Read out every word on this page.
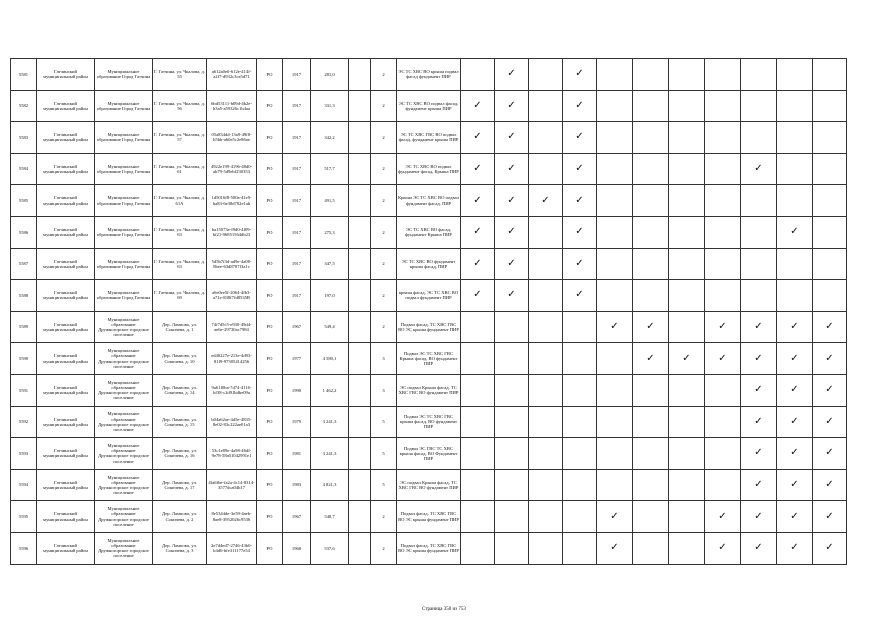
5581	Гатчинский муниципальный район	Муниципальное образование Город Гатчина	Г. Гатчина, ул. Чкалова, д. 55	a612a0e0-612e-414f-a2f7-d932c3ce5d71	РО	1917	281,0		2	ЭС ТС ХВС ВО крыша подвал фасад фундамент ПИР		✓		✓							
5582	Гатчинский муниципальный район	Муниципальное образование Город Гатчина	Г. Гатчина, ул. Чкалова, д. 56	6bd53111-b09d-4b2e-b3a5-a59326c1b4aa	РО	1917	331,3		2	ЭС ТС ХВС ВО подвал фасад, фундамент крыша ПИР	✓	✓		✓							
5583	Гатчинский муниципальный район	Муниципальное образование Город Гатчина	Г. Гатчина, ул. Чкалова, д. 57	05a834dd-13a9-49f8-b5bb-a60e5c2e86ae	РО	1917	342,2		2	ЭС ТС ХВС ГВС ВО подвал фасад, фундамент крыша ПИР	✓	✓		✓							
5584	Гатчинский муниципальный район	Муниципальное образование Город Гатчина	Г. Гатчина, ул. Чкалова, д. 61	4922e199-4196-48d0-ab79-5d9ebf230353	РО	1917	517,7		2	ЭС ТС ХВС ВО подвал фундамент фасад, Крыша ПИР	✓	✓		✓					✓		
5585	Гатчинский муниципальный район	Муниципальное образование Город Гатчина	Г. Гатчина, ул. Чкалова, д. 61А	1d5016f8-500a-41e9-ba83-6e38d702e1ab	РО	1917	491,5		2	Крыша ЭС ТС ХВС ВО подвал фундамент фасад, ПИР	✓	✓	✓	✓							
5586	Гатчинский муниципальный район	Муниципальное образование Город Гатчина	Г. Гатчина, ул. Чкалова, д. 63	ba15073e-f9d0-4f09-bf21-96851564db23	РО	1917	275,3		2	ЭС ТС ХВС ВО фасад, фундамент Крыша ПИР	✓	✓		✓						✓	
5587	Гатчинский муниципальный район	Муниципальное образование Город Гатчина	Г. Гатчина, ул. Чкалова, д. 63	5d5b7f3d-ad9e-4a08-8bee-63d8707f3a1c	РО	1917	347,5		2	ЭС ТС ХВС ВО фундамент крыша фасад, ПИР	✓	✓		✓							
5588	Гатчинский муниципальный район	Муниципальное образование Город Гатчина	Г. Гатчина, ул. Чкалова, д. 69	a6e0ee5f-2064-4fb3-a71e-838f7fd8535B	РО	1917	197,0		2	крыша фасад, ЭС ТС ХВС ВО подвал фундамент ПИР	✓	✓		✓							
5589	Гатчинский муниципальный район	Муниципальное образование Дружногорское городское поселение	Дер. Лампово, ул. Сокичева, д. 1	74f7d5c5-e930-49d4-ae6e-29730ac7984	РО	1967	549,4		2	Подвал фасад, ТС ХВС ГВС ВО ЭС крыша фундамент ПИР					✓	✓		✓	✓	✓	✓
5590	Гатчинский муниципальный район	Муниципальное образование Дружногорское городское поселение	Дер. Лампово, ул. Сокичева, д. 10	ed40227e-213e-4d93-81f9-97305414256	РО	1977	4 580,1		3	Подвал ЭС ТС ХВС ГВС Крыша фасад, ВО фундамент ПИР						✓	✓	✓	✓	✓	✓
5591	Гатчинский муниципальный район	Муниципальное образование Дружногорское городское поселение	Дер. Лампово, ул. Сокичева, д. 14	9a61f0ba-7d74-4116-bf38-c2d91bdbe09a	РО	1990	1 462,2		3	ЭС подвал Крыша фасад, ТС ХВС ГВС ВО фундамент ПИР									✓	✓	✓
5592	Гатчинский муниципальный район	Муниципальное образование Дружногорское городское поселение	Дер. Лампово, ул. Сокичева, д. 15	b04a62ae-4d5e-4835-8e02-83c222ae01a3	РО	1979	3 241,3		5	Подвал ЭС ТС ХВС ГВС крыша фасад, ВО фундамент ПИР									✓	✓	✓
5593	Гатчинский муниципальный район	Муниципальное образование Дружногорское городское поселение	Дер. Лампово, ул. Сокичева, д. 16	53c1e89e-4a98-46df-9e78-58a01042991e1	РО	1981	3 241,3		5	Подвал ЭС ГВС ТС ХВС крыша фасад, ВО Фундамент ПИР									✓	✓	✓
5594	Гатчинский муниципальный район	Муниципальное образование Дружногорское городское поселение	Дер. Лампово, ул. Сокичева, д. 17	4fa6fbe-fa2a-4c14-8314-3577dca04b17	РО	1983	4 821,3		5	ЭС подвал Крыша фасад, ТС ХВС ГВС ВО фундамент ПИР									✓	✓	✓
5595	Гатчинский муниципальный район	Муниципальное образование Дружногорское городское поселение	Дер. Лампово, ул. Сокичева, д. 2	8e5344de-3e59-4aeb-8ae8-3952026c9536	РО	1967	548,7		2	Подвал фасад, ТС ХВС ГВС ВО ЭС крыша фундамент ПИР					✓			✓	✓	✓	✓
5596	Гатчинский муниципальный район	Муниципальное образование Дружногорское городское поселение	Дер. Лампово, ул. Сокичева, д. 3	2e7d4ed7-2746-43b0-b4d6-bfe311177e54	РО	1968	537,6		2	Подвал фасад, ТС ХВС ГВС ВО ЭС крыша фундамент ПИР					✓			✓	✓	✓	✓
Страница 350 из 753
